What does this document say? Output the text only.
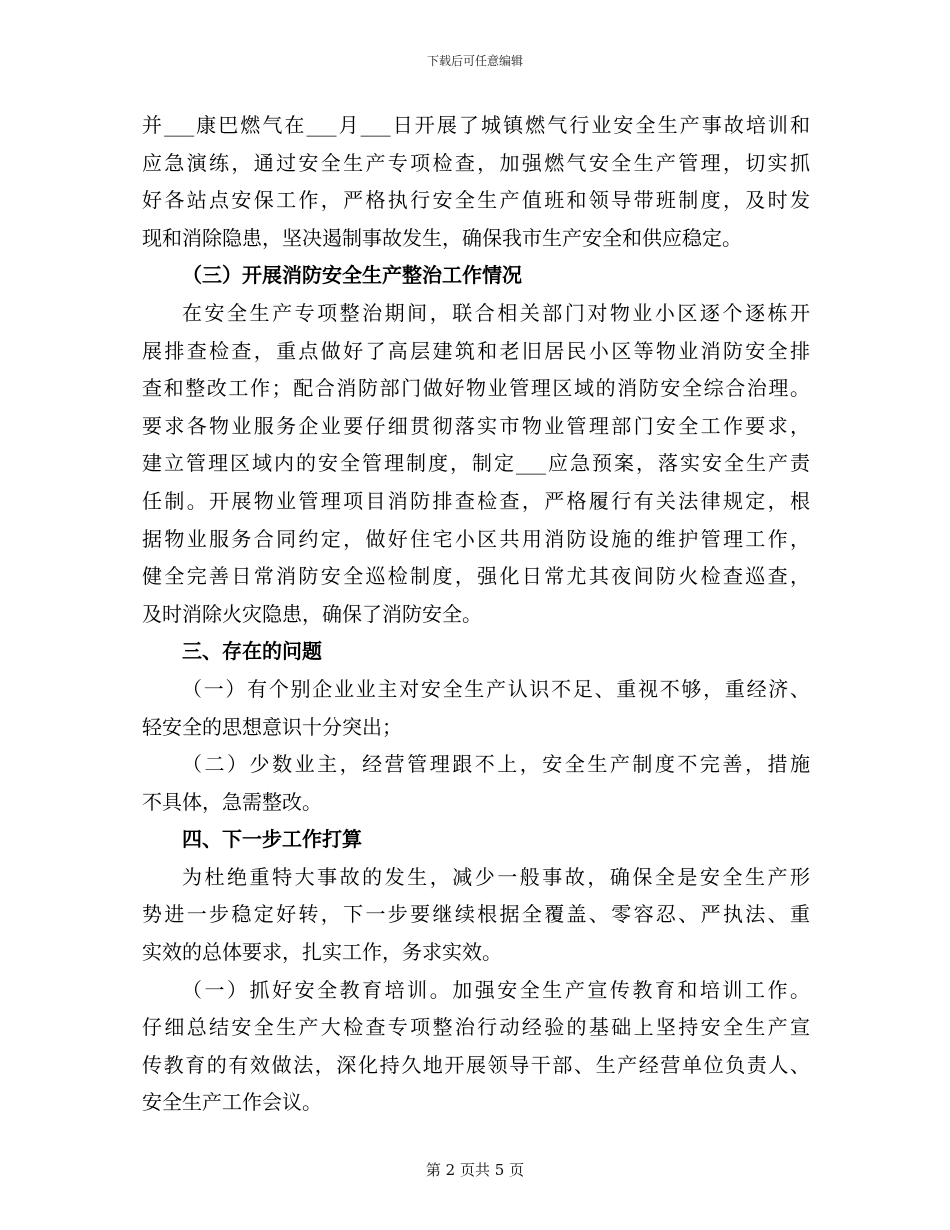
下载后可任意编辑
并___康巴燃气在___月___日开展了城镇燃气行业安全生产事故培训和
应急演练，通过安全生产专项检查，加强燃气安全生产管理，切实抓
好各站点安保工作，严格执行安全生产值班和领导带班制度，及时发
现和消除隐患，坚决遏制事故发生，确保我市生产安全和供应稳定。
（三）开展消防安全生产整治工作情况
在安全生产专项整治期间，联合相关部门对物业小区逐个逐栋开
展排查检查，重点做好了高层建筑和老旧居民小区等物业消防安全排
查和整改工作；配合消防部门做好物业管理区域的消防安全综合治理。
要求各物业服务企业要仔细贯彻落实市物业管理部门安全工作要求，
建立管理区域内的安全管理制度，制定___应急预案，落实安全生产责
任制。开展物业管理项目消防排查检查，严格履行有关法律规定，根
据物业服务合同约定，做好住宅小区共用消防设施的维护管理工作，
健全完善日常消防安全巡检制度，强化日常尤其夜间防火检查巡查，
及时消除火灾隐患，确保了消防安全。
三、存在的问题
（一）有个别企业业主对安全生产认识不足、重视不够，重经济、
轻安全的思想意识十分突出；
（二）少数业主，经营管理跟不上，安全生产制度不完善，措施
不具体，急需整改。
四、下一步工作打算
为杜绝重特大事故的发生，减少一般事故，确保全是安全生产形
势进一步稳定好转，下一步要继续根据全覆盖、零容忍、严执法、重
实效的总体要求，扎实工作，务求实效。
（一）抓好安全教育培训。加强安全生产宣传教育和培训工作。
仔细总结安全生产大检查专项整治行动经验的基础上坚持安全生产宣
传教育的有效做法，深化持久地开展领导干部、生产经营单位负责人、
安全生产工作会议。
第 2 页共 5 页
